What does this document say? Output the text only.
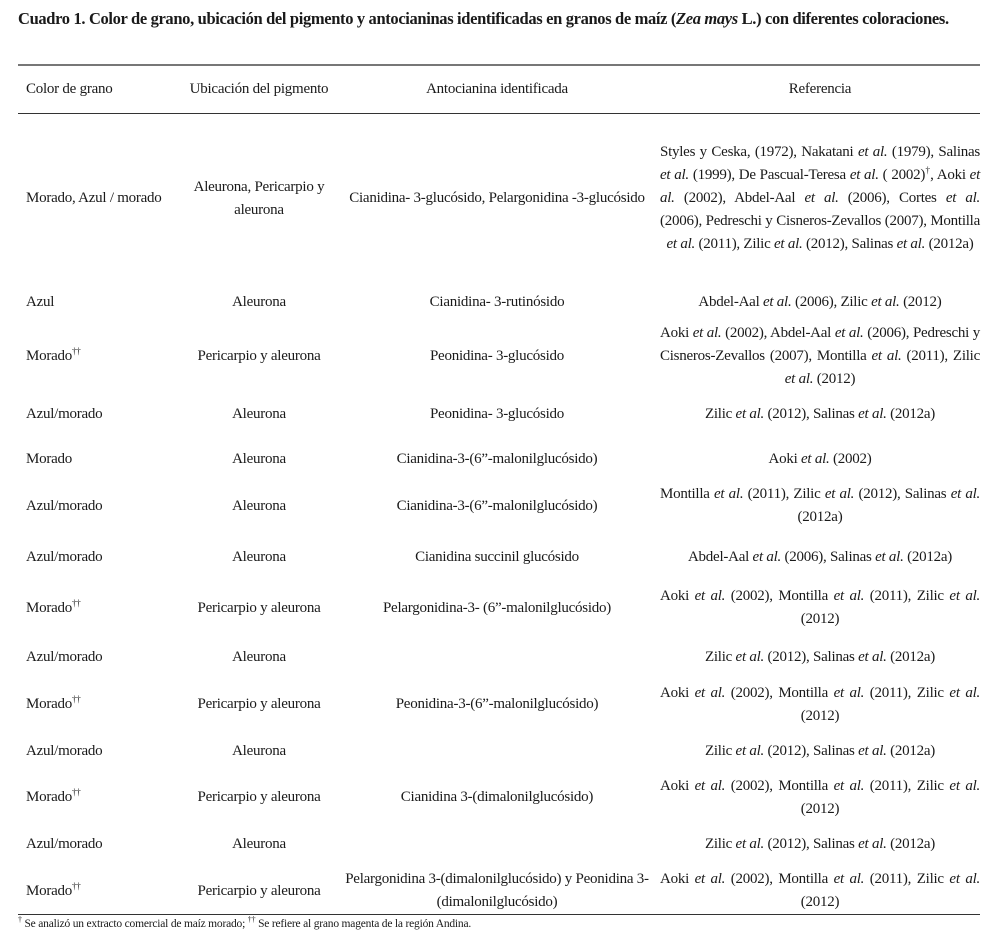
Cuadro 1. Color de grano, ubicación del pigmento y antocianinas identificadas en granos de maíz (Zea mays L.) con diferentes coloraciones.
Color de grano	Ubicación del pigmento	Antocianina identificada	Referencia
Morado, Azul / morado	Aleurona, Pericarpio y aleurona	Cianidina- 3-glucósido, Pelargonidina -3-glucósido	Styles y Ceska, (1972), Nakatani et al. (1979), Salinas et al. (1999), De Pascual-Teresa et al. ( 2002)†, Aoki et al. (2002), Abdel-Aal et al. (2006), Cortes et al. (2006), Pedreschi y Cisneros-Zevallos (2007), Montilla et al. (2011), Zilic et al. (2012), Salinas et al. (2012a)
Azul	Aleurona	Cianidina- 3-rutinósido	Abdel-Aal et al. (2006), Zilic et al. (2012)
Morado††	Pericarpio y aleurona	Peonidina- 3-glucósido	Aoki et al. (2002), Abdel-Aal et al. (2006), Pedreschi y Cisneros-Zevallos (2007), Montilla et al. (2011), Zilic et al. (2012)
Azul/morado	Aleurona	Peonidina- 3-glucósido	Zilic et al. (2012), Salinas et al. (2012a)
Morado	Aleurona	Cianidina-3-(6”-malonilglucósido)	Aoki et al. (2002)
Azul/morado	Aleurona	Cianidina-3-(6”-malonilglucósido)	Montilla et al. (2011), Zilic et al. (2012), Salinas et al. (2012a)
Azul/morado	Aleurona	Cianidina succinil glucósido	Abdel-Aal et al. (2006), Salinas et al. (2012a)
Morado††	Pericarpio y aleurona	Pelargonidina-3- (6”-malonilglucósido)	Aoki et al. (2002), Montilla et al. (2011), Zilic et al. (2012)
Azul/morado	Aleurona		Zilic et al. (2012), Salinas et al. (2012a)
Morado††	Pericarpio y aleurona	Peonidina-3-(6”-malonilglucósido)	Aoki et al. (2002), Montilla et al. (2011), Zilic et al. (2012)
Azul/morado	Aleurona		Zilic et al. (2012), Salinas et al. (2012a)
Morado††	Pericarpio y aleurona	Cianidina 3-(dimalonilglucósido)	Aoki et al. (2002), Montilla et al. (2011), Zilic et al. (2012)
Azul/morado	Aleurona		Zilic et al. (2012), Salinas et al. (2012a)
Morado††	Pericarpio y aleurona	Pelargonidina 3-(dimalonilglucósido) y Peonidina 3-(dimalonilglucósido)	Aoki et al. (2002), Montilla et al. (2011), Zilic et al. (2012)
† Se analizó un extracto comercial de maíz morado; †† Se refiere al grano magenta de la región Andina.
